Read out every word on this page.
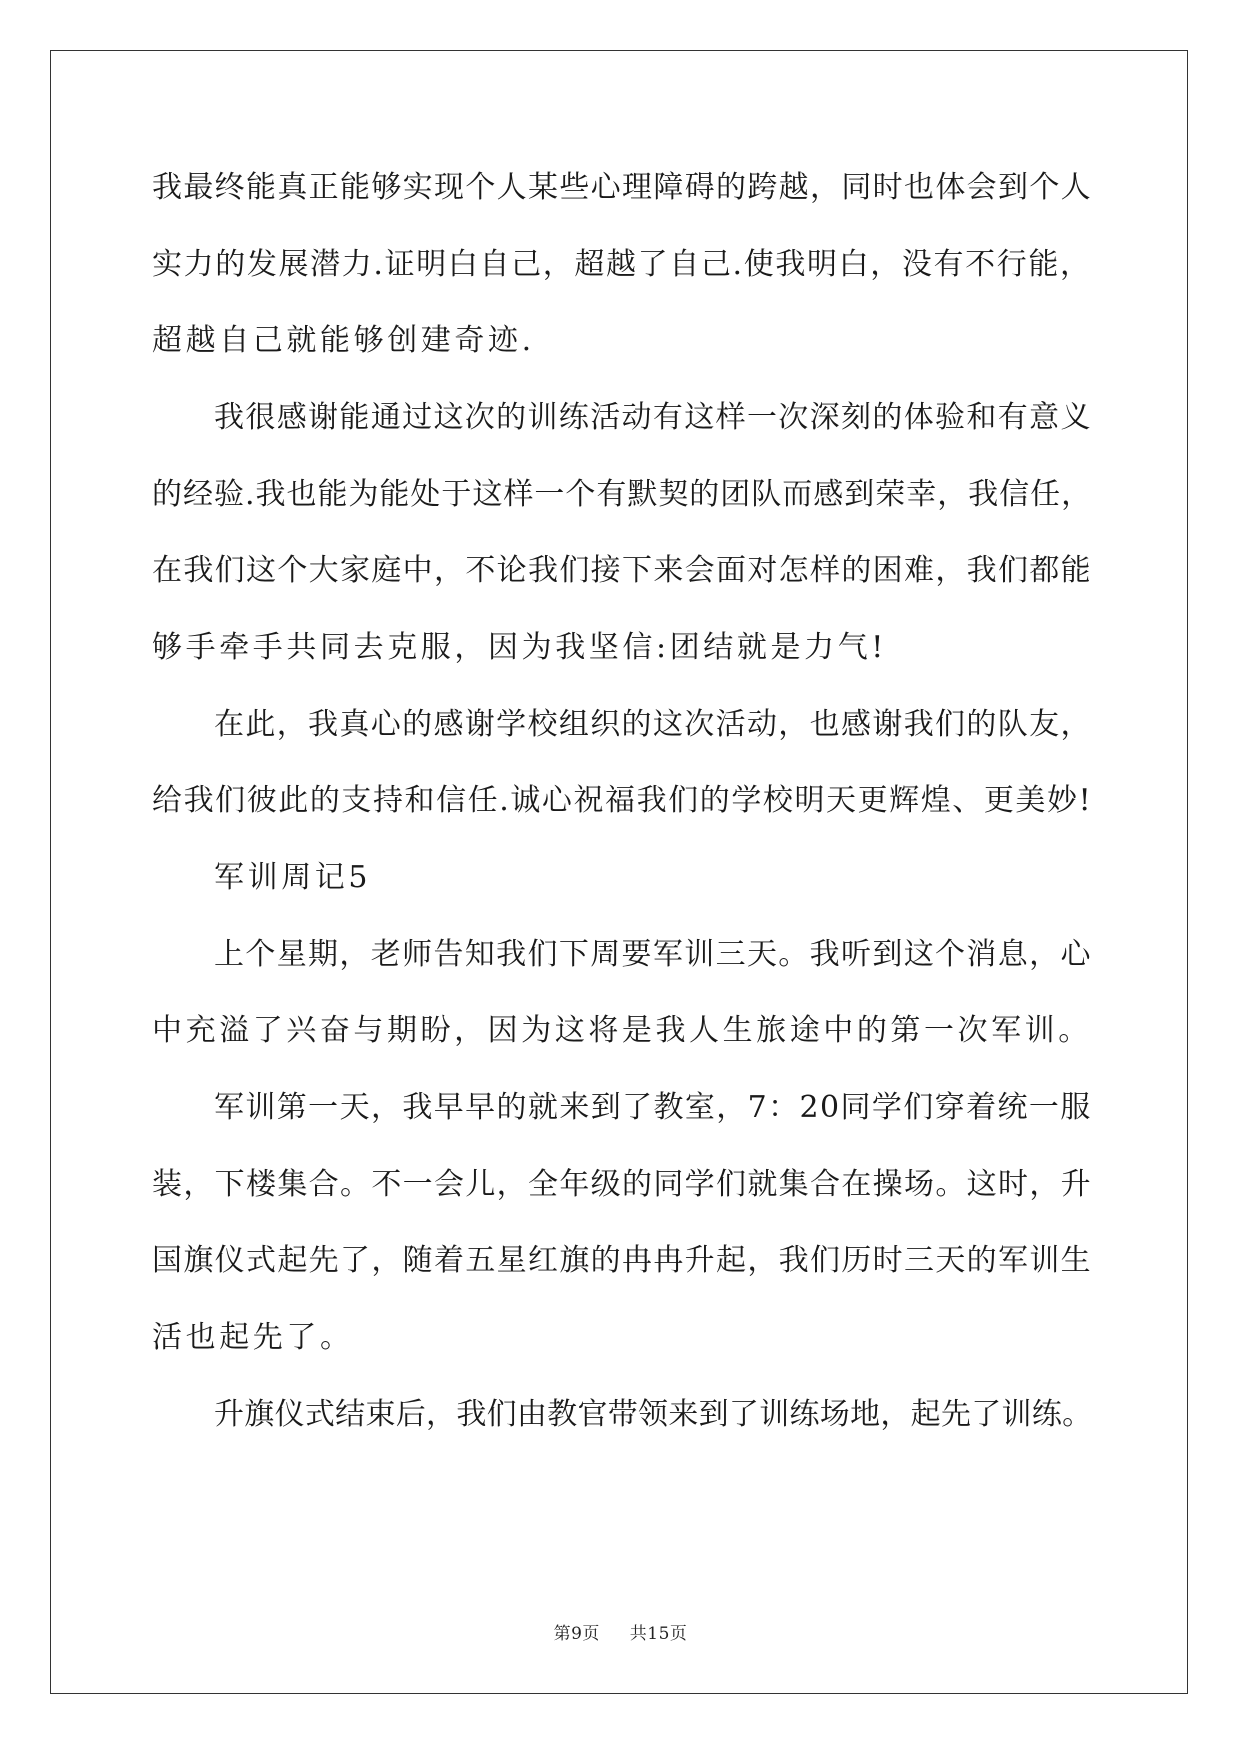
我最终能真正能够实现个人某些心理障碍的跨越，同时也体会到个人
实力的发展潜力.证明白自己，超越了自己.使我明白，没有不行能，
超越自己就能够创建奇迹.
我很感谢能通过这次的训练活动有这样一次深刻的体验和有意义
的经验.我也能为能处于这样一个有默契的团队而感到荣幸，我信任，
在我们这个大家庭中，不论我们接下来会面对怎样的困难，我们都能
够手牵手共同去克服，因为我坚信:团结就是力气!
在此，我真心的感谢学校组织的这次活动，也感谢我们的队友，
给我们彼此的支持和信任.诚心祝福我们的学校明天更辉煌、更美妙!
军训周记5
上个星期，老师告知我们下周要军训三天。我听到这个消息，心
中充溢了兴奋与期盼，因为这将是我人生旅途中的第一次军训。
军训第一天，我早早的就来到了教室，7：20同学们穿着统一服
装，下楼集合。不一会儿，全年级的同学们就集合在操场。这时，升
国旗仪式起先了，随着五星红旗的冉冉升起，我们历时三天的军训生
活也起先了。
升旗仪式结束后，我们由教官带领来到了训练场地，起先了训练。
第9页 共15页
